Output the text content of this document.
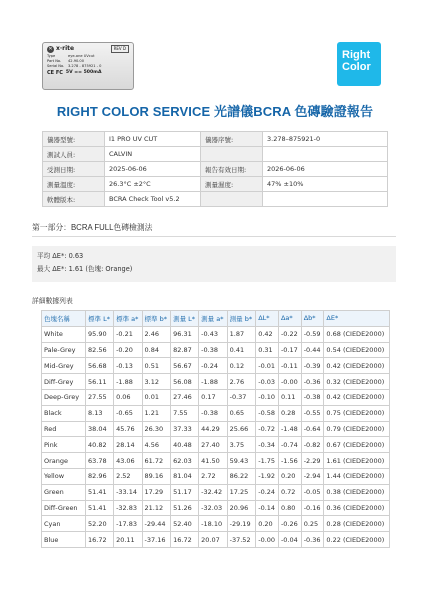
✕ x·rite	REV D
Type	eye-one UVcut
Part No.	42.90.00
Serial No. 3.278 - 875921 - 0
CE FC 5V == 500mA
Right
Color
RIGHT COLOR SERVICE 光譜儀BCRA 色磚驗證報告
儀器型號:	I1 PRO UV CUT	儀器序號:	3.278–875921-0
測試人員:	CALVIN		
受測日期:	2025-06-06	報告有效日期:	2026-06-06
測量溫度:	26.3°C ±2°C	測量濕度:	47% ±10%
軟體版本:	BCRA Check Tool v5.2		
第一部分：BCRA FULL色磚檢測法
平均 ΔE*: 0.63
最大 ΔE*: 1.61 (色塊: Orange)
詳細數據列表
色塊名稱	標準 L*	標準 a*	標準 b*	測量 L*	測量 a*	測量 b*	ΔL*	Δa*	Δb*	ΔE*
White	95.90	-0.21	2.46	96.31	-0.43	1.87	0.42	-0.22	-0.59	0.68 (CIEDE2000)
Pale-Grey	82.56	-0.20	0.84	82.87	-0.38	0.41	0.31	-0.17	-0.44	0.54 (CIEDE2000)
Mid-Grey	56.68	-0.13	0.51	56.67	-0.24	0.12	-0.01	-0.11	-0.39	0.42 (CIEDE2000)
Diff-Grey	56.11	-1.88	3.12	56.08	-1.88	2.76	-0.03	-0.00	-0.36	0.32 (CIEDE2000)
Deep-Grey	27.55	0.06	0.01	27.46	0.17	-0.37	-0.10	0.11	-0.38	0.42 (CIEDE2000)
Black	8.13	-0.65	1.21	7.55	-0.38	0.65	-0.58	0.28	-0.55	0.75 (CIEDE2000)
Red	38.04	45.76	26.30	37.33	44.29	25.66	-0.72	-1.48	-0.64	0.79 (CIEDE2000)
Pink	40.82	28.14	4.56	40.48	27.40	3.75	-0.34	-0.74	-0.82	0.67 (CIEDE2000)
Orange	63.78	43.06	61.72	62.03	41.50	59.43	-1.75	-1.56	-2.29	1.61 (CIEDE2000)
Yellow	82.96	2.52	89.16	81.04	2.72	86.22	-1.92	0.20	-2.94	1.44 (CIEDE2000)
Green	51.41	-33.14	17.29	51.17	-32.42	17.25	-0.24	0.72	-0.05	0.38 (CIEDE2000)
Diff-Green	51.41	-32.83	21.12	51.26	-32.03	20.96	-0.14	0.80	-0.16	0.36 (CIEDE2000)
Cyan	52.20	-17.83	-29.44	52.40	-18.10	-29.19	0.20	-0.26	0.25	0.28 (CIEDE2000)
Blue	16.72	20.11	-37.16	16.72	20.07	-37.52	-0.00	-0.04	-0.36	0.22 (CIEDE2000)
